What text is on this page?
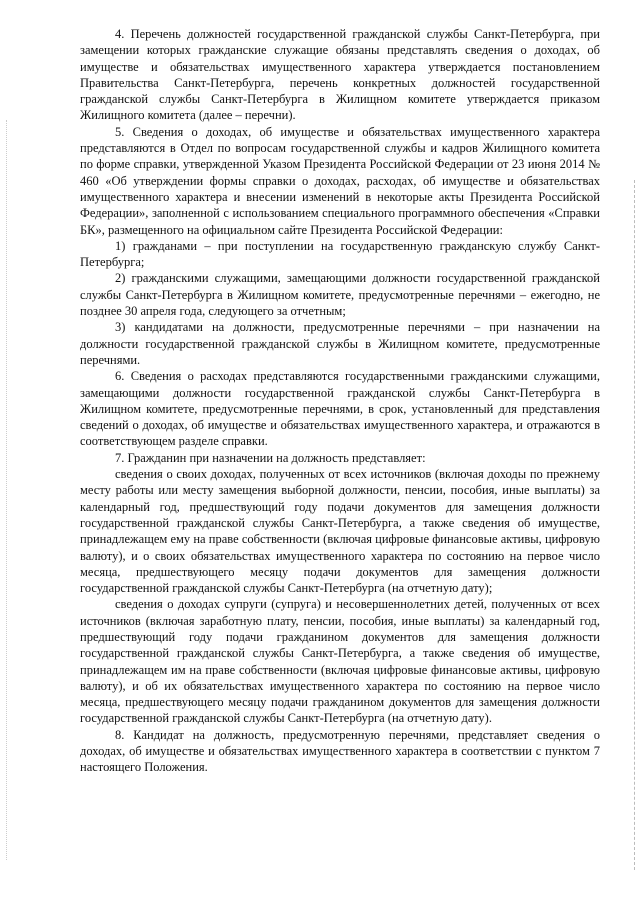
4. Перечень должностей государственной гражданской службы Санкт-Петербурга, при замещении которых гражданские служащие обязаны представлять сведения о доходах, об имуществе и обязательствах имущественного характера утверждается постановлением Правительства Санкт-Петербурга, перечень конкретных должностей государственной гражданской службы Санкт-Петербурга в Жилищном комитете утверждается приказом Жилищного комитета (далее – перечни).

5. Сведения о доходах, об имуществе и обязательствах имущественного характера представляются в Отдел по вопросам государственной службы и кадров Жилищного комитета по форме справки, утвержденной Указом Президента Российской Федерации от 23 июня 2014 № 460 «Об утверждении формы справки о доходах, расходах, об имуществе и обязательствах имущественного характера и внесении изменений в некоторые акты Президента Российской Федерации», заполненной с использованием специального программного обеспечения «Справки БК», размещенного на официальном сайте Президента Российской Федерации:

1) гражданами – при поступлении на государственную гражданскую службу Санкт-Петербурга;

2) гражданскими служащими, замещающими должности государственной гражданской службы Санкт-Петербурга в Жилищном комитете, предусмотренные перечнями – ежегодно, не позднее 30 апреля года, следующего за отчетным;

3) кандидатами на должности, предусмотренные перечнями – при назначении на должности государственной гражданской службы в Жилищном комитете, предусмотренные перечнями.

6. Сведения о расходах представляются государственными гражданскими служащими, замещающими должности государственной гражданской службы Санкт-Петербурга в Жилищном комитете, предусмотренные перечнями, в срок, установленный для представления сведений о доходах, об имуществе и обязательствах имущественного характера, и отражаются в соответствующем разделе справки.

7. Гражданин при назначении на должность представляет:

сведения о своих доходах, полученных от всех источников (включая доходы по прежнему месту работы или месту замещения выборной должности, пенсии, пособия, иные выплаты) за календарный год, предшествующий году подачи документов для замещения должности государственной гражданской службы Санкт-Петербурга, а также сведения об имуществе, принадлежащем ему на праве собственности (включая цифровые финансовые активы, цифровую валюту), и о своих обязательствах имущественного характера по состоянию на первое число месяца, предшествующего месяцу подачи документов для замещения должности государственной гражданской службы Санкт-Петербурга (на отчетную дату);

сведения о доходах супруги (супруга) и несовершеннолетних детей, полученных от всех источников (включая заработную плату, пенсии, пособия, иные выплаты) за календарный год, предшествующий году подачи гражданином документов для замещения должности государственной гражданской службы Санкт-Петербурга, а также сведения об имуществе, принадлежащем им на праве собственности (включая цифровые финансовые активы, цифровую валюту), и об их обязательствах имущественного характера по состоянию на первое число месяца, предшествующего месяцу подачи гражданином документов для замещения должности государственной гражданской службы Санкт-Петербурга (на отчетную дату).

8. Кандидат на должность, предусмотренную перечнями, представляет сведения о доходах, об имуществе и обязательствах имущественного характера в соответствии с пунктом 7 настоящего Положения.
